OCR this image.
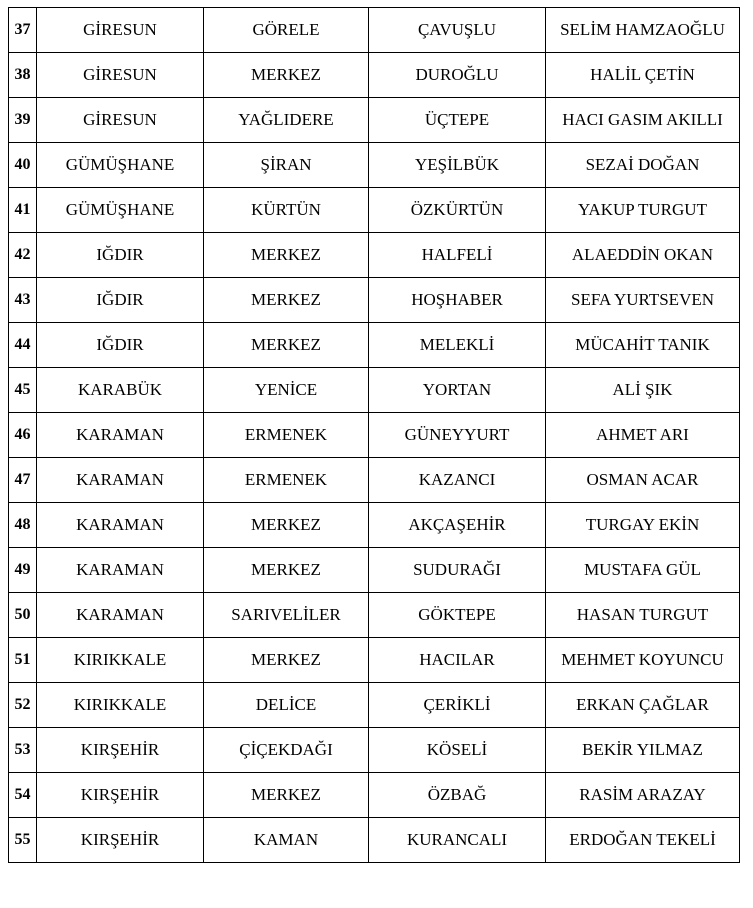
37	GİRESUN	GÖRELE	ÇAVUŞLU	SELİM HAMZAOĞLU
38	GİRESUN	MERKEZ	DUROĞLU	HALİL ÇETİN
39	GİRESUN	YAĞLIDERE	ÜÇTEPE	HACI GASIM AKILLI
40	GÜMÜŞHANE	ŞİRAN	YEŞİLBÜK	SEZAİ DOĞAN
41	GÜMÜŞHANE	KÜRTÜN	ÖZKÜRTÜN	YAKUP TURGUT
42	IĞDIR	MERKEZ	HALFELİ	ALAEDDİN OKAN
43	IĞDIR	MERKEZ	HOŞHABER	SEFA YURTSEVEN
44	IĞDIR	MERKEZ	MELEKLİ	MÜCAHİT TANIK
45	KARABÜK	YENİCE	YORTAN	ALİ ŞIK
46	KARAMAN	ERMENEK	GÜNEYYURT	AHMET ARI
47	KARAMAN	ERMENEK	KAZANCI	OSMAN ACAR
48	KARAMAN	MERKEZ	AKÇAŞEHİR	TURGAY EKİN
49	KARAMAN	MERKEZ	SUDURAĞI	MUSTAFA GÜL
50	KARAMAN	SARIVELİLER	GÖKTEPE	HASAN TURGUT
51	KIRIKKALE	MERKEZ	HACILAR	MEHMET KOYUNCU
52	KIRIKKALE	DELİCE	ÇERİKLİ	ERKAN ÇAĞLAR
53	KIRŞEHİR	ÇİÇEKDAĞI	KÖSELİ	BEKİR YILMAZ
54	KIRŞEHİR	MERKEZ	ÖZBAĞ	RASİM ARAZAY
55	KIRŞEHİR	KAMAN	KURANCALI	ERDOĞAN TEKELİ
